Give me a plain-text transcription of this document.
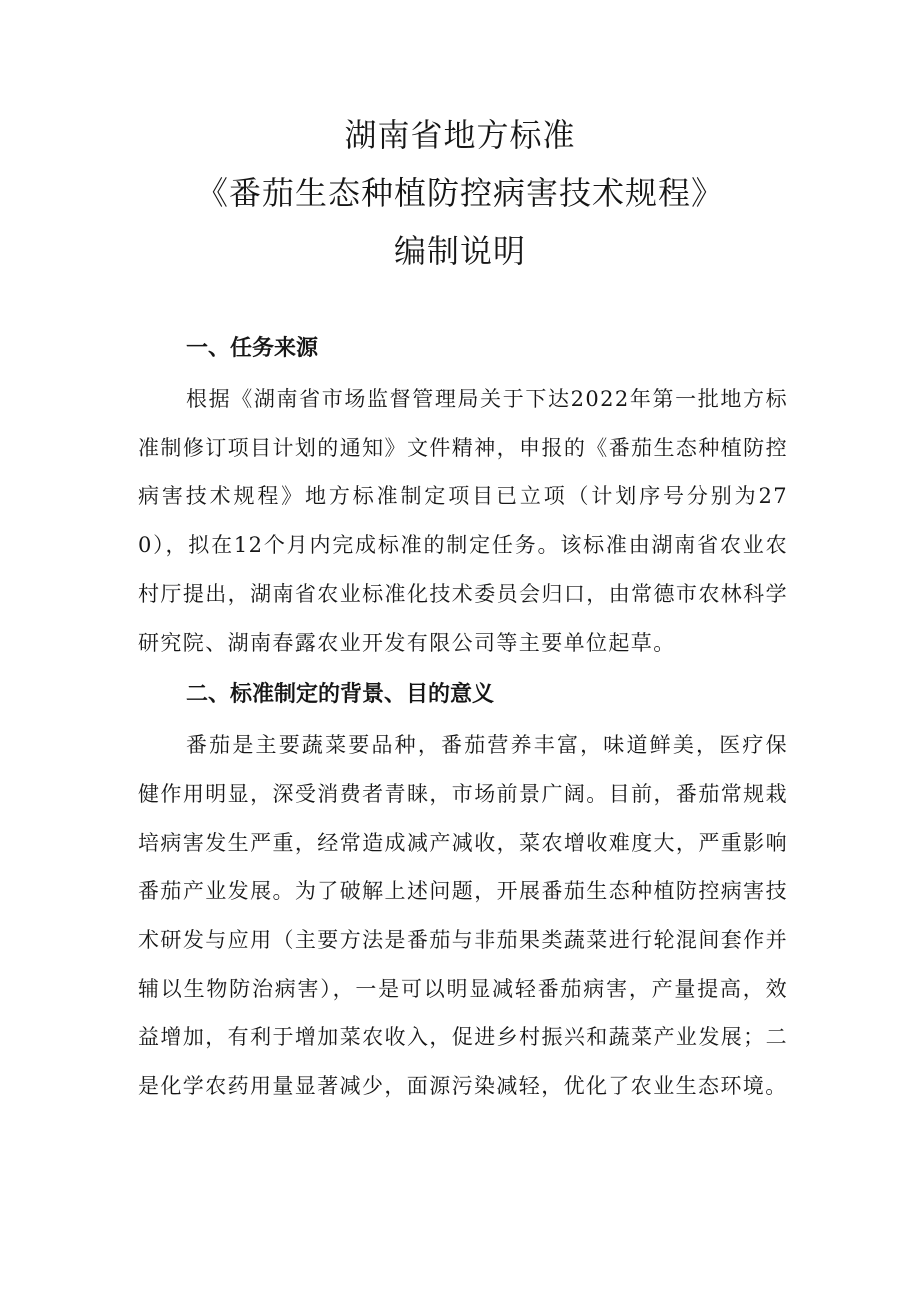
湖南省地方标准
《番茄生态种植防控病害技术规程》
编制说明
一、任务来源

根据《湖南省市场监督管理局关于下达2022年第一批地方标准制修订项目计划的通知》文件精神，申报的《番茄生态种植防控病害技术规程》地方标准制定项目已立项（计划序号分别为270），拟在12个月内完成标准的制定任务。该标准由湖南省农业农村厅提出，湖南省农业标准化技术委员会归口，由常德市农林科学研究院、湖南春露农业开发有限公司等主要单位起草。

二、标准制定的背景、目的意义

番茄是主要蔬菜要品种，番茄营养丰富，味道鲜美，医疗保健作用明显，深受消费者青睐，市场前景广阔。目前，番茄常规栽培病害发生严重，经常造成减产减收，菜农增收难度大，严重影响番茄产业发展。为了破解上述问题，开展番茄生态种植防控病害技术研发与应用（主要方法是番茄与非茄果类蔬菜进行轮混间套作并辅以生物防治病害），一是可以明显减轻番茄病害，产量提高，效益增加，有利于增加菜农收入，促进乡村振兴和蔬菜产业发展；二是化学农药用量显著减少，面源污染减轻，优化了农业生态环境。
